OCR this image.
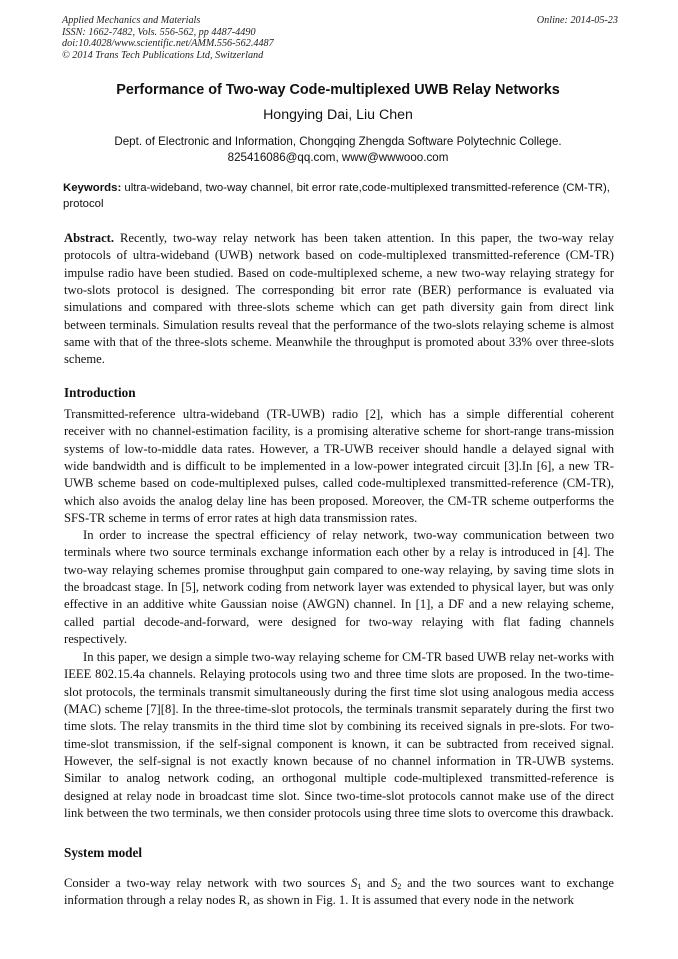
Applied Mechanics and Materials
ISSN: 1662-7482, Vols. 556-562, pp 4487-4490
doi:10.4028/www.scientific.net/AMM.556-562.4487
© 2014 Trans Tech Publications Ltd, Switzerland
Online: 2014-05-23
Performance of Two-way Code-multiplexed UWB Relay Networks
Hongying Dai, Liu Chen
Dept. of Electronic and Information, Chongqing Zhengda Software Polytechnic College.
825416086@qq.com, www@wwwooo.com
Keywords: ultra-wideband, two-way channel, bit error rate,code-multiplexed transmitted-reference (CM-TR), protocol

Abstract. Recently, two-way relay network has been taken attention. In this paper, the two-way relay protocols of ultra-wideband (UWB) network based on code-multiplexed transmitted-reference (CM-TR) impulse radio have been studied. Based on code-multiplexed scheme, a new two-way relaying strategy for two-slots protocol is designed. The corresponding bit error rate (BER) performance is evaluated via simulations and compared with three-slots scheme which can get path diversity gain from direct link between terminals. Simulation results reveal that the performance of the two-slots relaying scheme is almost same with that of the three-slots scheme. Meanwhile the throughput is promoted about 33% over three-slots scheme.

Introduction

Transmitted-reference ultra-wideband (TR-UWB) radio [2], which has a simple differential coherent receiver with no channel-estimation facility, is a promising alterative scheme for short-range trans-mission systems of low-to-middle data rates. However, a TR-UWB receiver should handle a delayed signal with wide bandwidth and is difficult to be implemented in a low-power integrated circuit [3].In [6], a new TR-UWB scheme based on code-multiplexed pulses, called code-multiplexed transmitted-reference (CM-TR), which also avoids the analog delay line has been proposed. Moreover, the CM-TR scheme outperforms the SFS-TR scheme in terms of error rates at high data transmission rates.

In order to increase the spectral efficiency of relay network, two-way communication between two terminals where two source terminals exchange information each other by a relay is introduced in [4]. The two-way relaying schemes promise throughput gain compared to one-way relaying, by saving time slots in the broadcast stage. In [5], network coding from network layer was extended to physical layer, but was only effective in an additive white Gaussian noise (AWGN) channel. In [1], a DF and a new relaying scheme, called partial decode-and-forward, were designed for two-way relaying with flat fading channels respectively.

In this paper, we design a simple two-way relaying scheme for CM-TR based UWB relay net-works with IEEE 802.15.4a channels. Relaying protocols using two and three time slots are proposed. In the two-time-slot protocols, the terminals transmit simultaneously during the first time slot using analogous media access (MAC) scheme [7][8]. In the three-time-slot protocols, the terminals transmit separately during the first two time slots. The relay transmits in the third time slot by combining its received signals in pre-slots. For two-time-slot transmission, if the self-signal component is known, it can be subtracted from received signal. However, the self-signal is not exactly known because of no channel information in TR-UWB systems. Similar to analog network coding, an orthogonal multiple code-multiplexed transmitted-reference is designed at relay node in broadcast time slot. Since two-time-slot protocols cannot make use of the direct link between the two terminals, we then consider protocols using three time slots to overcome this drawback.

System model

Consider a two-way relay network with two sources $S_1$ and $S_2$ and the two sources want to exchange information through a relay nodes R, as shown in Fig. 1. It is assumed that every node in the network
